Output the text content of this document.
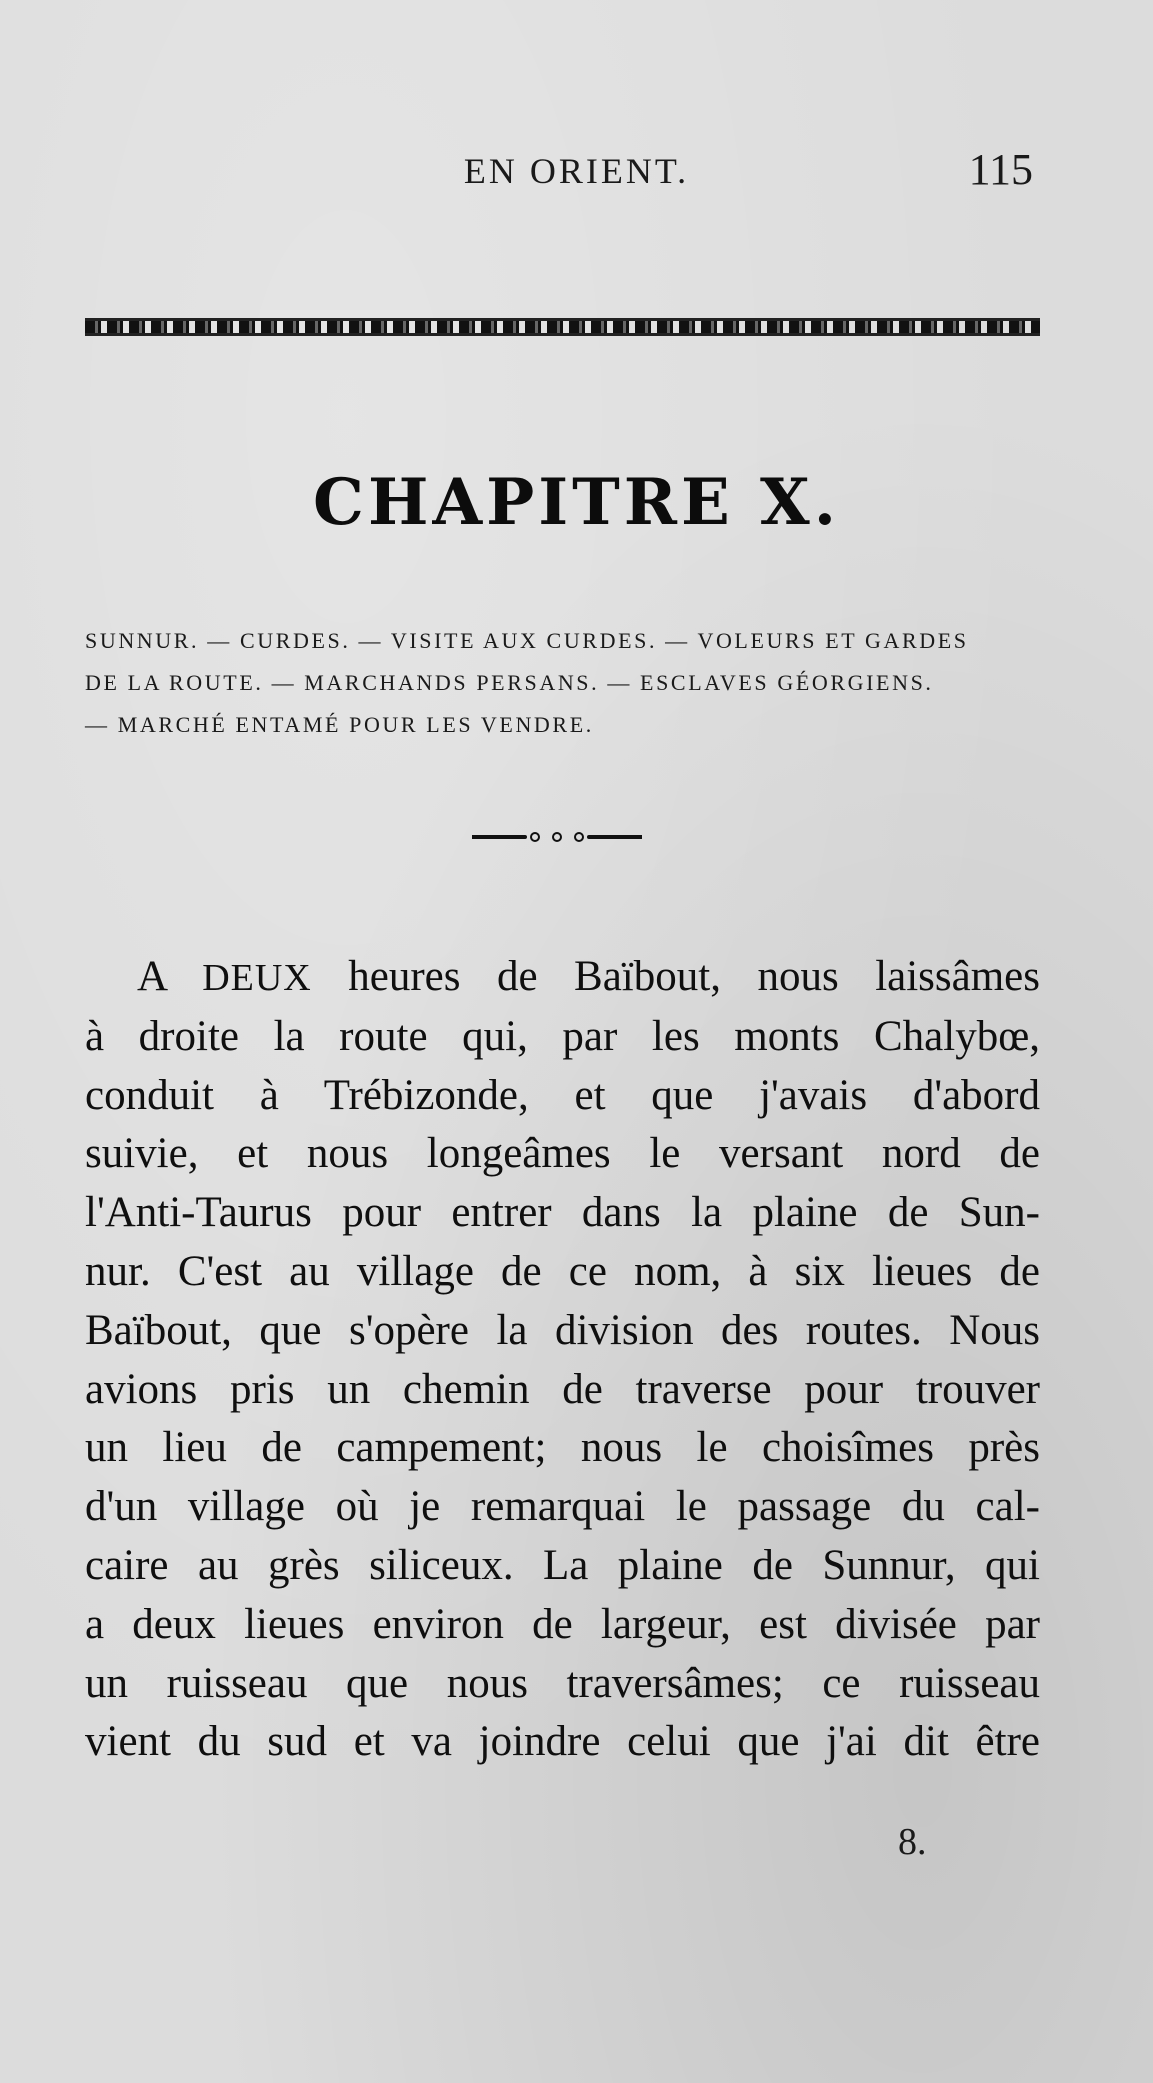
EN ORIENT.	115
CHAPITRE X.
SUNNUR. — CURDES. — VISITE AUX CURDES. — VOLEURS ET GARDES
DE LA ROUTE. — MARCHANDS PERSANS. — ESCLAVES GÉORGIENS.
— MARCHÉ ENTAMÉ POUR LES VENDRE.
A DEUX heures de Baïbout, nous laissâmes
à droite la route qui, par les monts Chalybœ,
conduit à Trébizonde, et que j'avais d'abord
suivie, et nous longeâmes le versant nord de
l'Anti-Taurus pour entrer dans la plaine de Sun-
nur. C'est au village de ce nom, à six lieues de
Baïbout, que s'opère la division des routes. Nous
avions pris un chemin de traverse pour trouver
un lieu de campement; nous le choisîmes près
d'un village où je remarquai le passage du cal-
caire au grès siliceux. La plaine de Sunnur, qui
a deux lieues environ de largeur, est divisée par
un ruisseau que nous traversâmes; ce ruisseau
vient du sud et va joindre celui que j'ai dit être
8.
